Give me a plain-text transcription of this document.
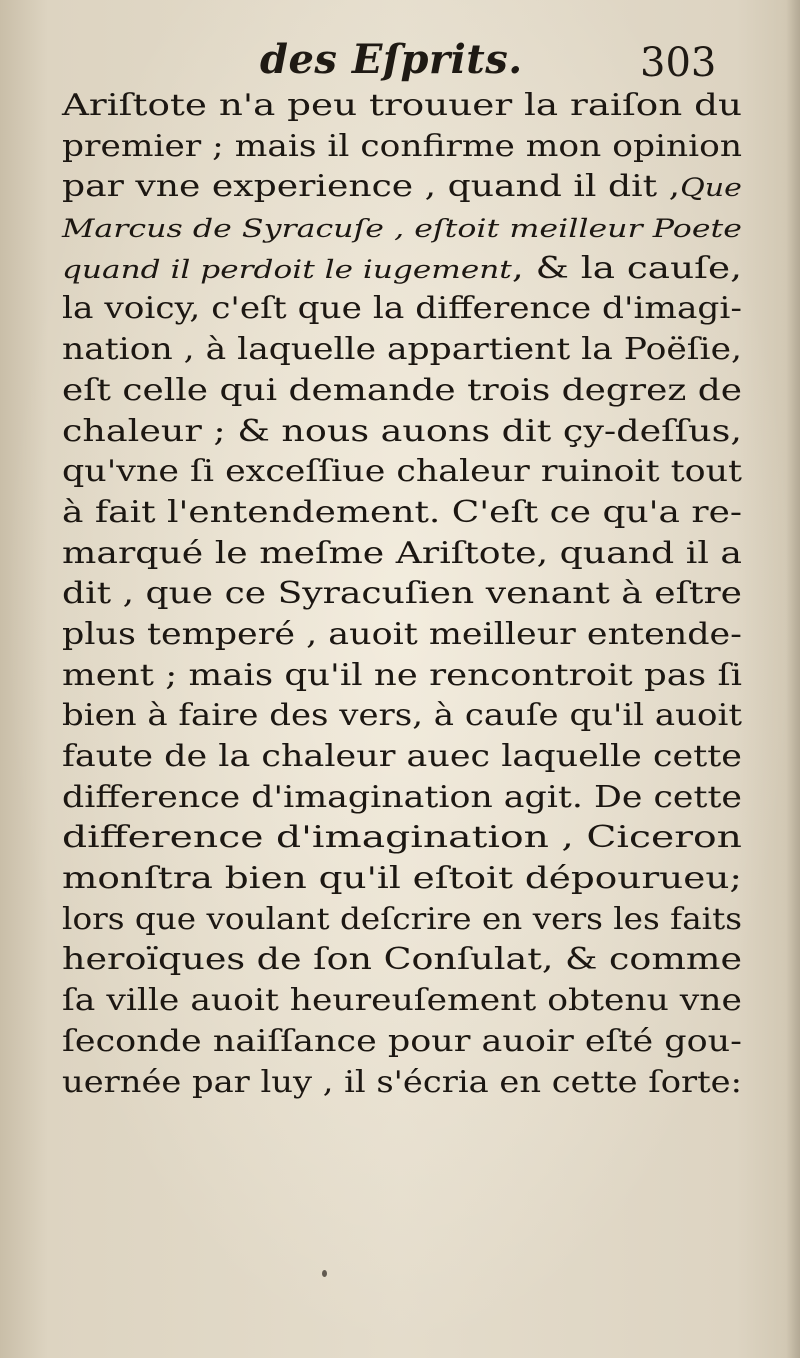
des Eſprits.	303
Ariſtote n'a peu trouuer la raiſon du
premier ; mais il confirme mon opinion
par vne experience , quand il dit ,Que
Marcus de Syracuſe , eſtoit meilleur Poete
quand il perdoit le iugement, & la cauſe,
la voicy, c'eſt que la difference d'imagi-
nation , à laquelle appartient la Poëſie,
eſt celle qui demande trois degrez de
chaleur ; & nous auons dit çy-deſſus,
qu'vne ſi exceſſiue chaleur ruinoit tout
à fait l'entendement. C'eſt ce qu'a re-
marqué le meſme Ariſtote, quand il a
dit , que ce Syracuſien venant à eſtre
plus temperé , auoit meilleur entende-
ment ; mais qu'il ne rencontroit pas ſi
bien à faire des vers, à cauſe qu'il auoit
faute de la chaleur auec laquelle cette
difference d'imagination agit. De cette
difference d'imagination , Ciceron
monſtra bien qu'il eſtoit dépourueu;
lors que voulant deſcrire en vers les faits
heroïques de ſon Conſulat, & comme
ſa ville auoit heureuſement obtenu vne
ſeconde naiſſance pour auoir eſté gou-
uernée par luy , il s'écria en cette ſorte:
